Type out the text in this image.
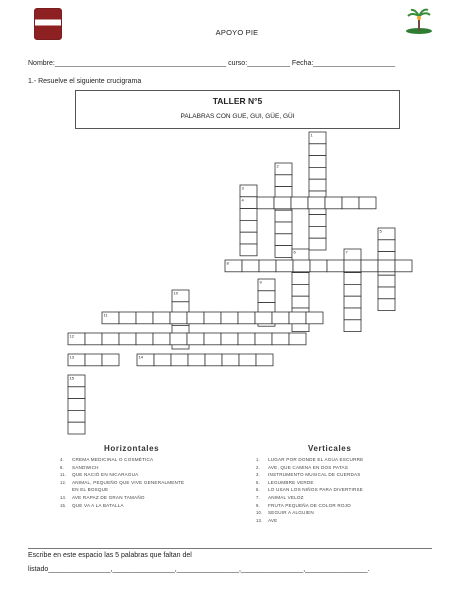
APOYO PIE
Nombre:____________________________________________ curso:___________ Fecha:_____________________
1.- Resuelve el siguiente crucigrama
TALLER N°5
PALABRAS CON GUE, GUI, GÜE, GÜI
1
2
3
4
5
6	7
8
9
10
11
12
13	14
15
Horizontales	Verticales
4. CREMA MEDICINAL O COSMÉTICA
8. SANDWICH
11. QUE NACIÓ EN NICARAGUA
12. ANIMAL, PEQUEÑO QUE VIVE GENERALMENTE
EN EL BOSQUE
14. AVE RAPAZ DE GRAN TAMAÑO
15. QUE VA A LA BATALLA
1. LUGAR POR DONDE EL AGUA ESCURRE
2. AVE, QUE CAMINA EN DOS PATAS
3. INSTRUMENTO MUSICAL DE CUERDAS
5. LEGUMBRE VERDE
6. LO USAN LOS NIÑOS PARA DIVERTIRSE
7. ANIMAL VELOZ
9. FRUTA PEQUEÑA DE COLOR ROJO
10. SEGUIR A ALGUIEN
13. AVE
Escribe en este espacio las 5 palabras que faltan del
listado________________,________________,________________,________________,________________.
